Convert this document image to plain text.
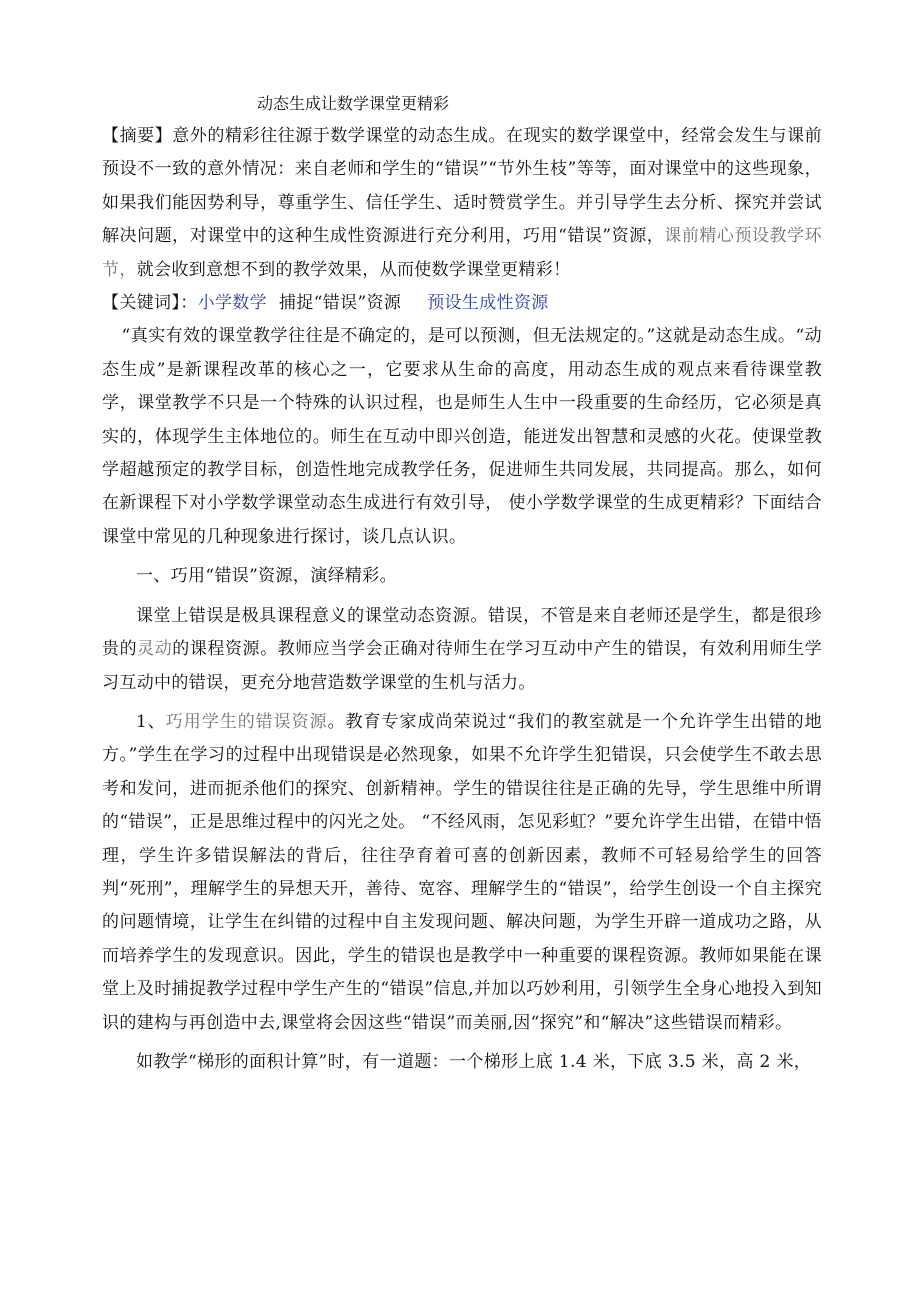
动态生成让数学课堂更精彩

【摘要】意外的精彩往往源于数学课堂的动态生成。在现实的数学课堂中，经常会发生与课前预设不一致的意外情况：来自老师和学生的“错误”“节外生枝”等等，面对课堂中的这些现象，如果我们能因势利导，尊重学生、信任学生、适时赞赏学生。并引导学生去分析、探究并尝试解决问题，对课堂中的这种生成性资源进行充分利用，巧用“错误”资源，课前精心预设教学环节，就会收到意想不到的教学效果，从而使数学课堂更精彩！

【关键词】：小学数学 捕捉“错误”资源 预设生成性资源

“真实有效的课堂教学往往是不确定的，是可以预测，但无法规定的。”这就是动态生成。“动态生成”是新课程改革的核心之一，它要求从生命的高度，用动态生成的观点来看待课堂教学，课堂教学不只是一个特殊的认识过程，也是师生人生中一段重要的生命经历，它必须是真实的，体现学生主体地位的。师生在互动中即兴创造，能迸发出智慧和灵感的火花。使课堂教学超越预定的教学目标，创造性地完成教学任务，促进师生共同发展，共同提高。那么，如何在新课程下对小学数学课堂动态生成进行有效引导， 使小学数学课堂的生成更精彩？下面结合课堂中常见的几种现象进行探讨，谈几点认识。

一、巧用“错误”资源，演绎精彩。

课堂上错误是极具课程意义的课堂动态资源。错误，不管是来自老师还是学生，都是很珍贵的灵动的课程资源。教师应当学会正确对待师生在学习互动中产生的错误，有效利用师生学习互动中的错误，更充分地营造数学课堂的生机与活力。

1、巧用学生的错误资源。教育专家成尚荣说过“我们的教室就是一个允许学生出错的地方。”学生在学习的过程中出现错误是必然现象，如果不允许学生犯错误，只会使学生不敢去思考和发问，进而扼杀他们的探究、创新精神。学生的错误往往是正确的先导，学生思维中所谓的“错误”，正是思维过程中的闪光之处。 “不经风雨，怎见彩虹？”要允许学生出错，在错中悟理，学生许多错误解法的背后，往往孕育着可喜的创新因素，教师不可轻易给学生的回答判“死刑”，理解学生的异想天开，善待、宽容、理解学生的“错误”，给学生创设一个自主探究的问题情境，让学生在纠错的过程中自主发现问题、解决问题，为学生开辟一道成功之路，从而培养学生的发现意识。因此，学生的错误也是教学中一种重要的课程资源。教师如果能在课堂上及时捕捉教学过程中学生产生的“错误”信息,并加以巧妙利用，引领学生全身心地投入到知识的建构与再创造中去,课堂将会因这些“错误”而美丽,因“探究”和“解决”这些错误而精彩。

如教学“梯形的面积计算”时，有一道题：一个梯形上底 1.4 米，下底 3.5 米，高 2 米，
